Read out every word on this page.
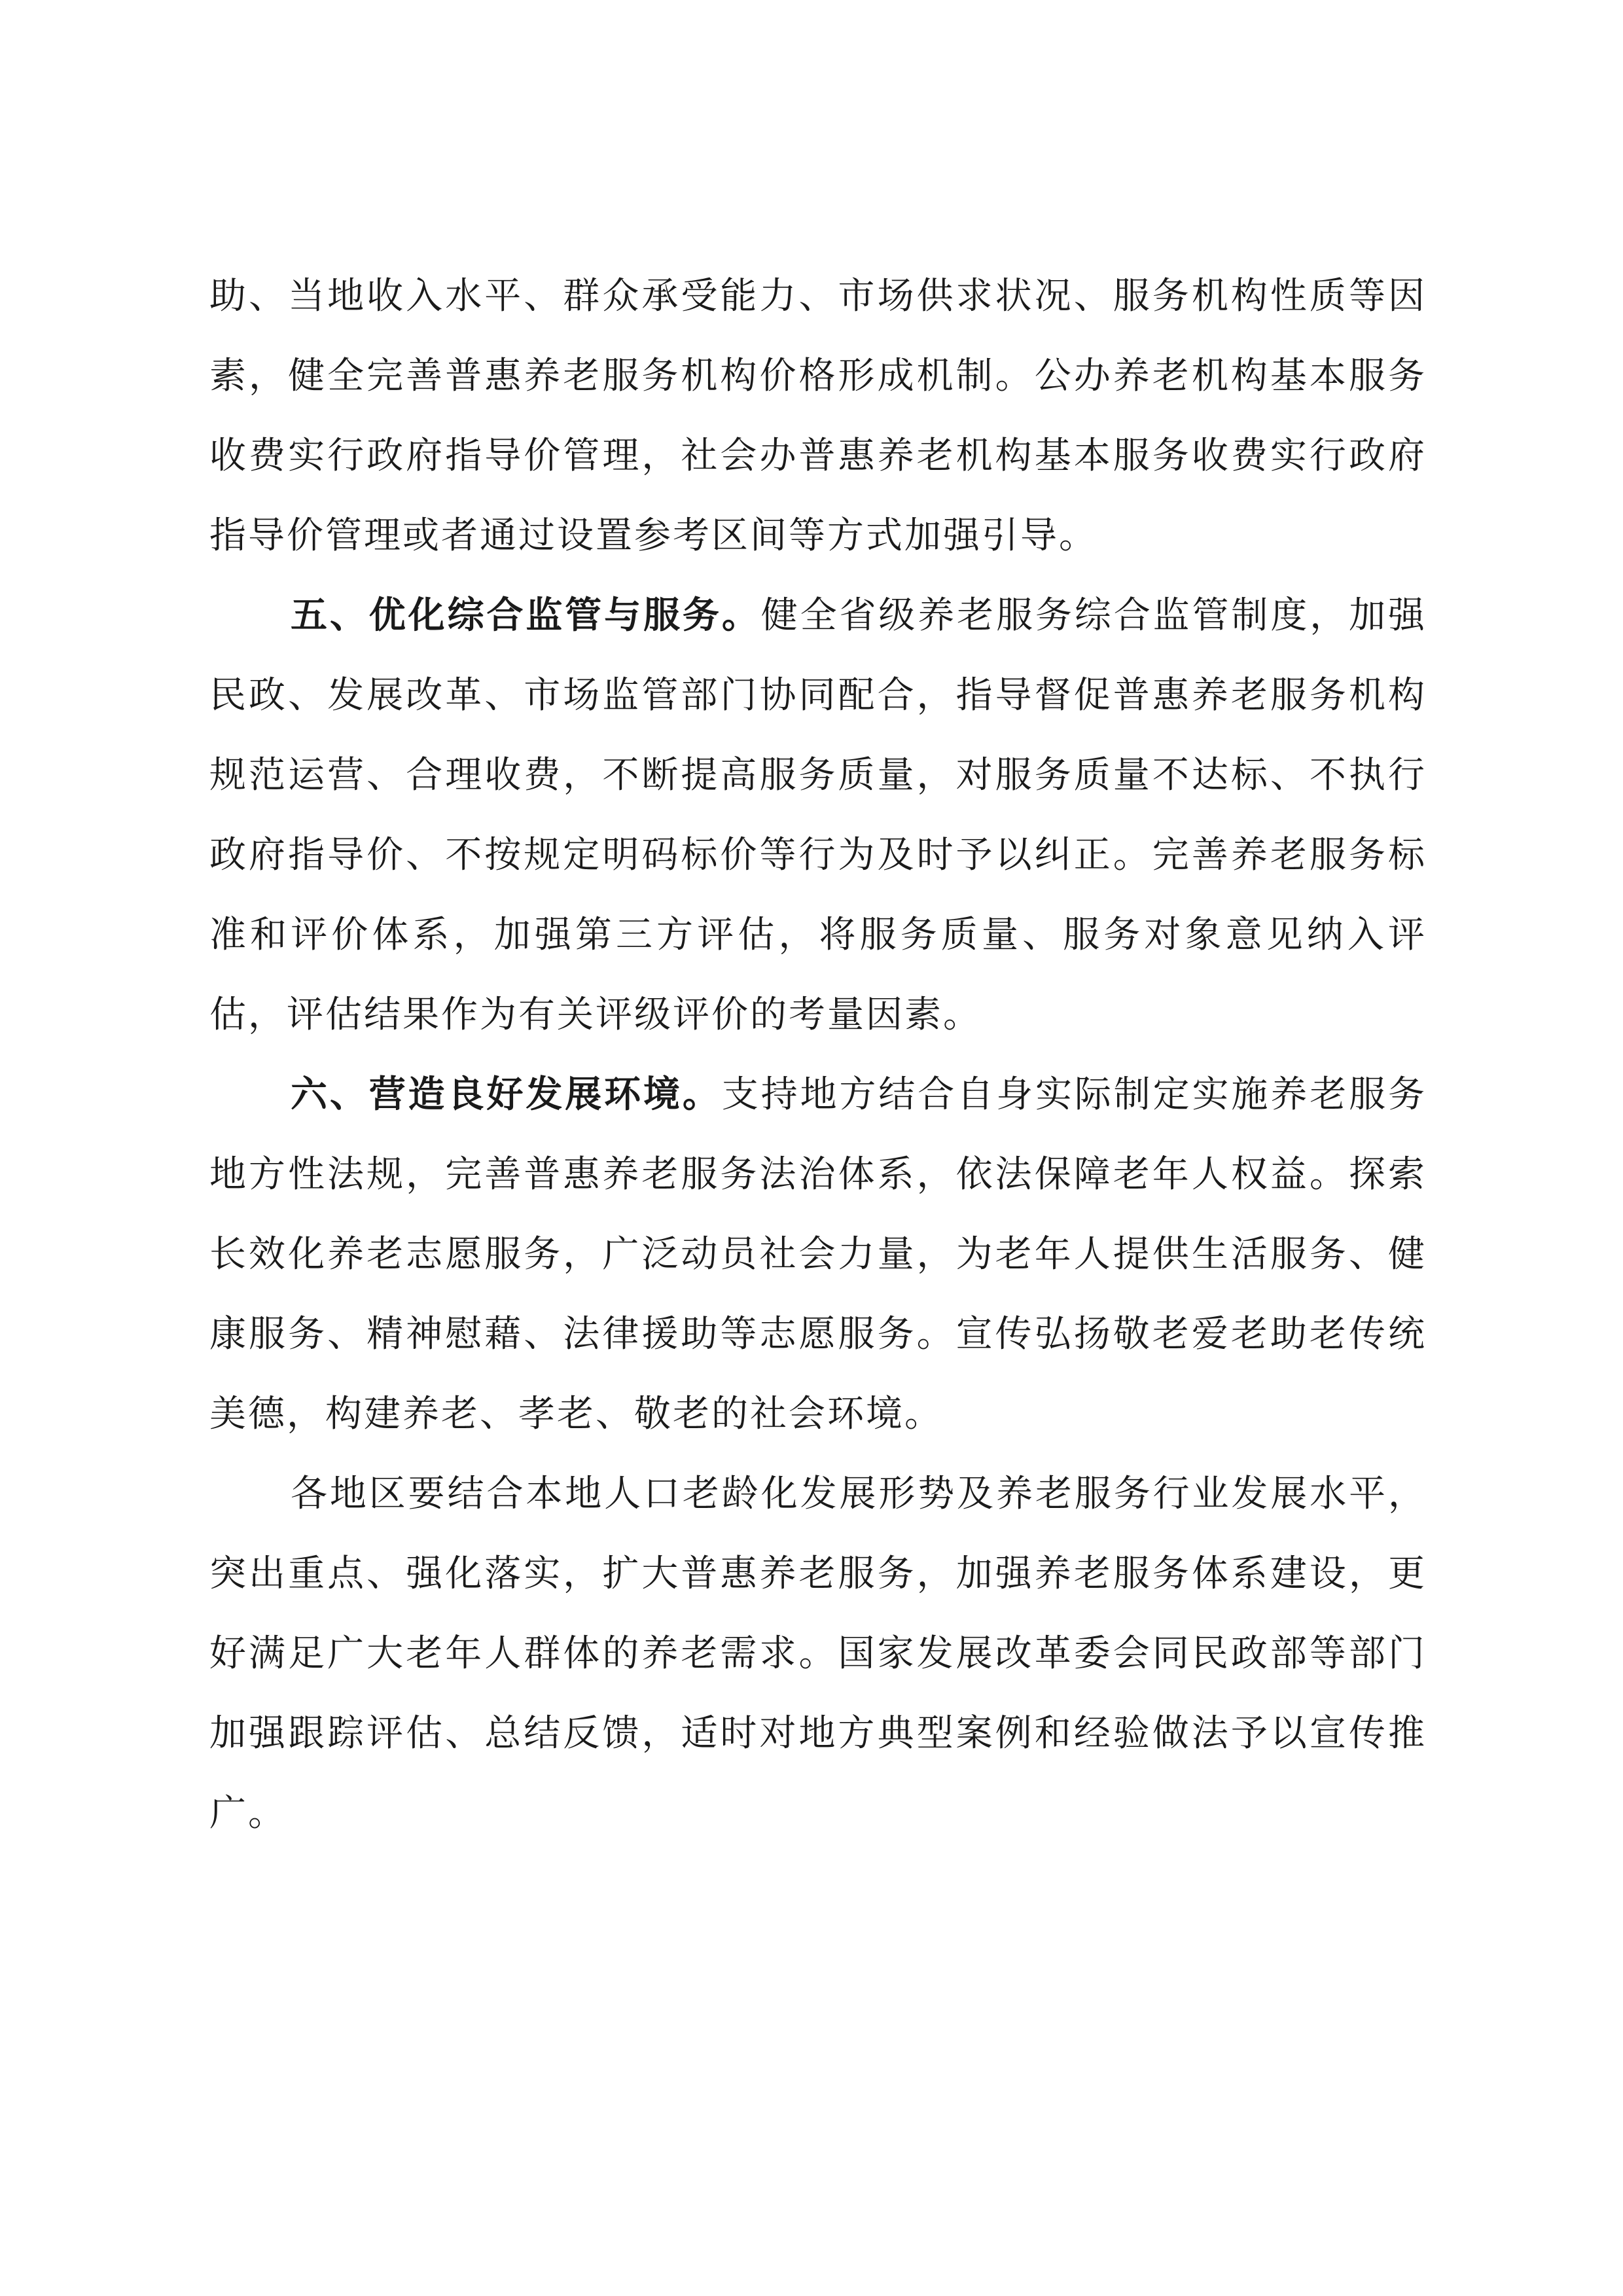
助、当地收入水平、群众承受能力、市场供求状况、服务机构性质等因素，健全完善普惠养老服务机构价格形成机制。公办养老机构基本服务收费实行政府指导价管理，社会办普惠养老机构基本服务收费实行政府指导价管理或者通过设置参考区间等方式加强引导。

五、优化综合监管与服务。健全省级养老服务综合监管制度，加强民政、发展改革、市场监管部门协同配合，指导督促普惠养老服务机构规范运营、合理收费，不断提高服务质量，对服务质量不达标、不执行政府指导价、不按规定明码标价等行为及时予以纠正。完善养老服务标准和评价体系，加强第三方评估，将服务质量、服务对象意见纳入评估，评估结果作为有关评级评价的考量因素。

六、营造良好发展环境。支持地方结合自身实际制定实施养老服务地方性法规，完善普惠养老服务法治体系，依法保障老年人权益。探索长效化养老志愿服务，广泛动员社会力量，为老年人提供生活服务、健康服务、精神慰藉、法律援助等志愿服务。宣传弘扬敬老爱老助老传统美德，构建养老、孝老、敬老的社会环境。

各地区要结合本地人口老龄化发展形势及养老服务行业发展水平，突出重点、强化落实，扩大普惠养老服务，加强养老服务体系建设，更好满足广大老年人群体的养老需求。国家发展改革委会同民政部等部门加强跟踪评估、总结反馈，适时对地方典型案例和经验做法予以宣传推广。
